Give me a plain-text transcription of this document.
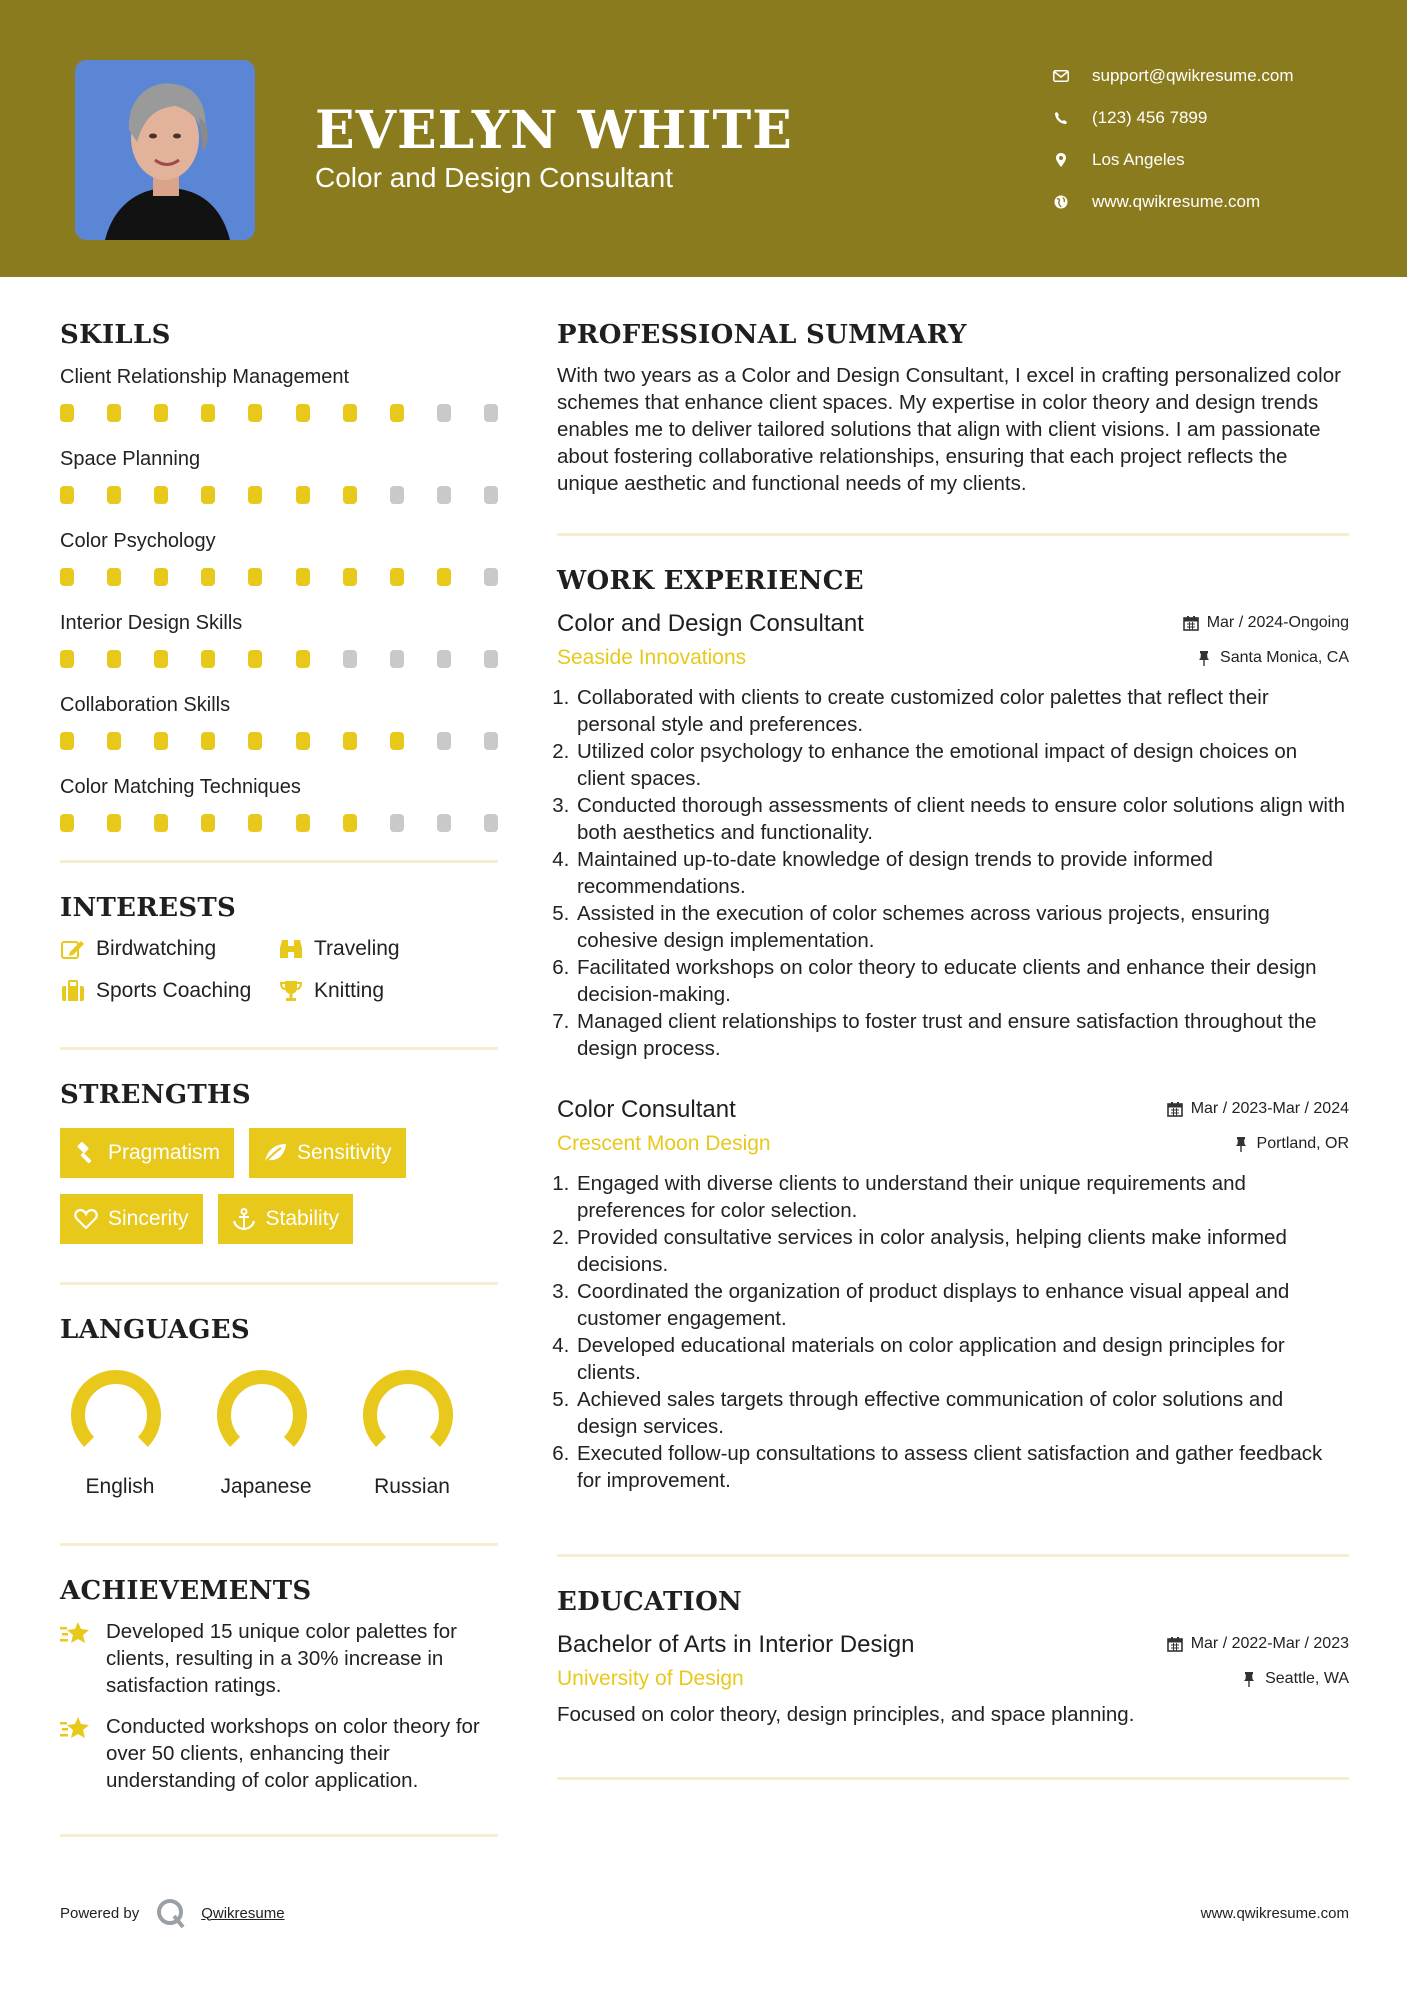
EVELYN WHITE
Color and Design Consultant
support@qwikresume.com
(123) 456 7899
Los Angeles
www.qwikresume.com
SKILLS
Client Relationship Management
Space Planning
Color Psychology
Interior Design Skills
Collaboration Skills
Color Matching Techniques
INTERESTS
Birdwatching	Traveling
Sports Coaching	Knitting
STRENGTHS
Pragmatism	Sensitivity
Sincerity	Stability
LANGUAGES
English	Japanese	Russian
ACHIEVEMENTS
Developed 15 unique color palettes for clients, resulting in a 30% increase in satisfaction ratings.
Conducted workshops on color theory for over 50 clients, enhancing their understanding of color application.
PROFESSIONAL SUMMARY
With two years as a Color and Design Consultant, I excel in crafting personalized color schemes that enhance client spaces. My expertise in color theory and design trends enables me to deliver tailored solutions that align with client visions. I am passionate about fostering collaborative relationships, ensuring that each project reflects the unique aesthetic and functional needs of my clients.
WORK EXPERIENCE
Color and Design Consultant	Mar / 2024-Ongoing
Seaside Innovations	Santa Monica, CA
1. Collaborated with clients to create customized color palettes that reflect their personal style and preferences.
2. Utilized color psychology to enhance the emotional impact of design choices on client spaces.
3. Conducted thorough assessments of client needs to ensure color solutions align with both aesthetics and functionality.
4. Maintained up-to-date knowledge of design trends to provide informed recommendations.
5. Assisted in the execution of color schemes across various projects, ensuring cohesive design implementation.
6. Facilitated workshops on color theory to educate clients and enhance their design decision-making.
7. Managed client relationships to foster trust and ensure satisfaction throughout the design process.
Color Consultant	Mar / 2023-Mar / 2024
Crescent Moon Design	Portland, OR
1. Engaged with diverse clients to understand their unique requirements and preferences for color selection.
2. Provided consultative services in color analysis, helping clients make informed decisions.
3. Coordinated the organization of product displays to enhance visual appeal and customer engagement.
4. Developed educational materials on color application and design principles for clients.
5. Achieved sales targets through effective communication of color solutions and design services.
6. Executed follow-up consultations to assess client satisfaction and gather feedback for improvement.
EDUCATION
Bachelor of Arts in Interior Design	Mar / 2022-Mar / 2023
University of Design	Seattle, WA
Focused on color theory, design principles, and space planning.
Powered by	Qwikresume	www.qwikresume.com
